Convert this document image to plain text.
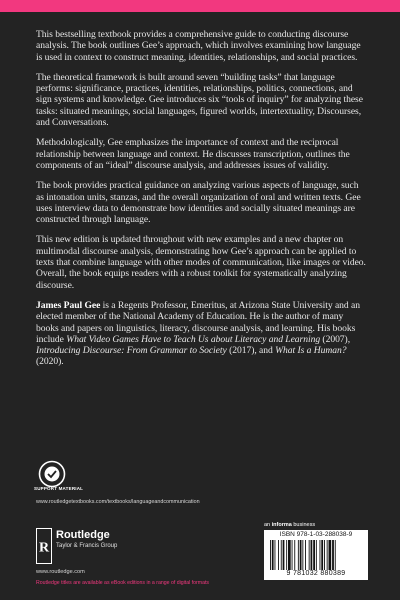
This bestselling textbook provides a comprehensive guide to conducting discourse analysis. The book outlines Gee’s approach, which involves examining how language is used in context to construct meaning, identities, relationships, and social practices.

The theoretical framework is built around seven “building tasks” that language performs: significance, practices, identities, relationships, politics, connections, and sign systems and knowledge. Gee introduces six “tools of inquiry” for analyzing these tasks: situated meanings, social languages, figured worlds, intertextuality, Discourses, and Conversations.

Methodologically, Gee emphasizes the importance of context and the reciprocal relationship between language and context. He discusses transcription, outlines the components of an “ideal” discourse analysis, and addresses issues of validity.

The book provides practical guidance on analyzing various aspects of language, such as intonation units, stanzas, and the overall organization of oral and written texts. Gee uses interview data to demonstrate how identities and socially situated meanings are constructed through language.

This new edition is updated throughout with new examples and a new chapter on multimodal discourse analysis, demonstrating how Gee’s approach can be applied to texts that combine language with other modes of communication, like images or video. Overall, the book equips readers with a robust toolkit for systematically analyzing discourse.

James Paul Gee is a Regents Professor, Emeritus, at Arizona State University and an elected member of the National Academy of Education. He is the author of many books and papers on linguistics, literacy, discourse analysis, and learning. His books include What Video Games Have to Teach Us about Literacy and Learning (2007), Introducing Discourse: From Grammar to Society (2017), and What Is a Human? (2020).

SUPPORT MATERIAL
www.routledgetextbooks.com/textbooks/languageandcommunication
R
Routledge
Taylor & Francis Group
www.routledge.com
Routledge titles are available as eBook editions in a range of digital formats
an informa business
ISBN 978-1-03-288038-9
9 781032 880389
